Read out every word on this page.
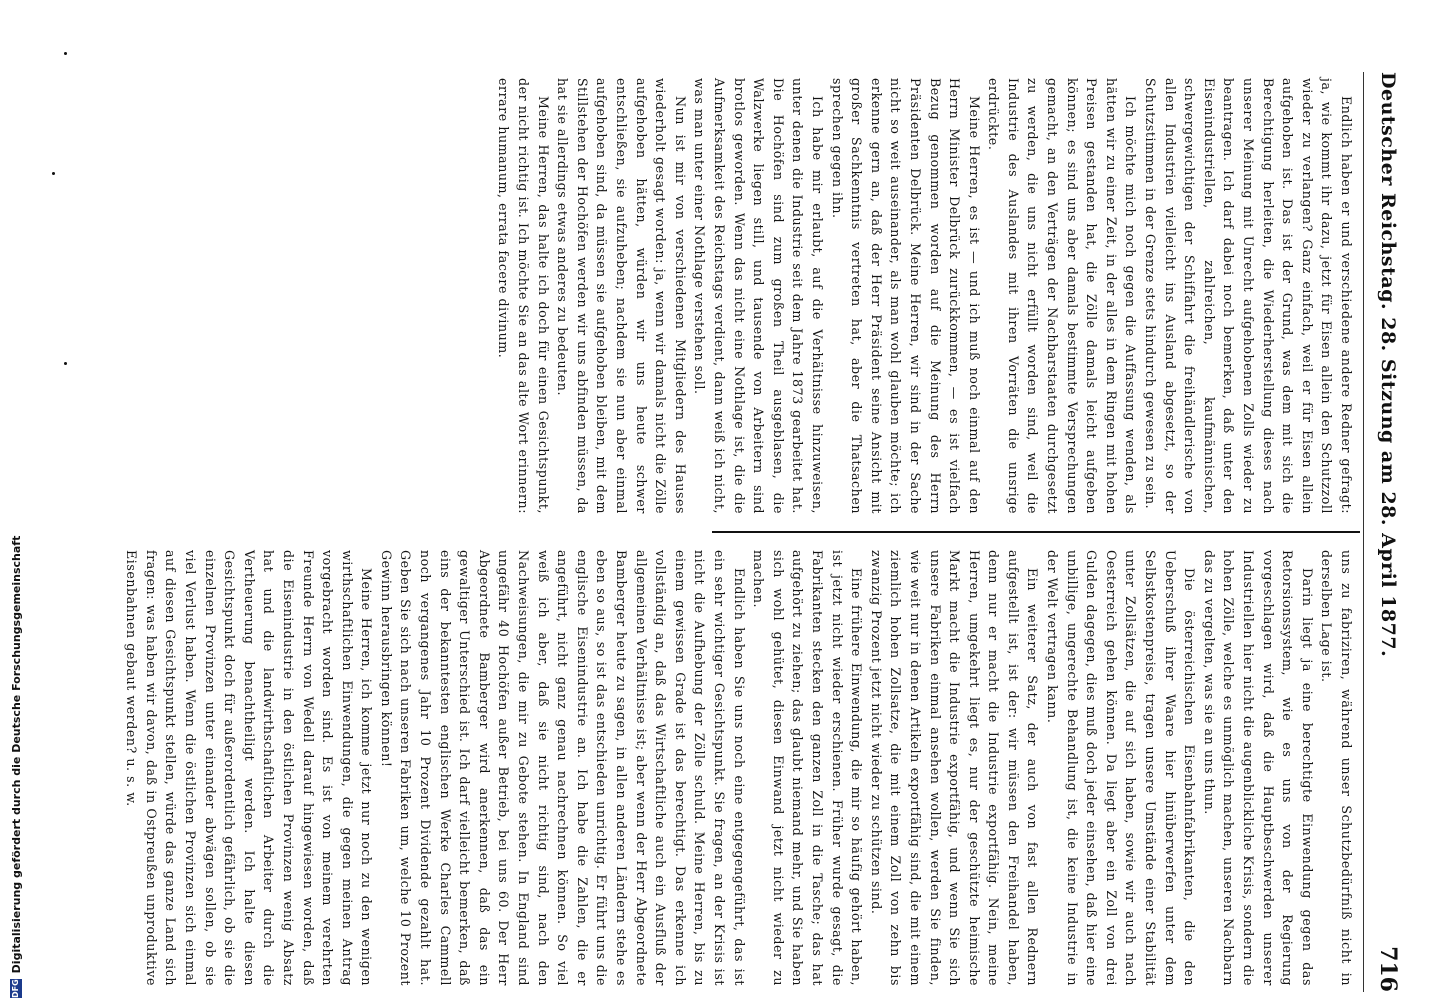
Deutscher Reichstag. 28. Sitzung am 28. April 1877.
716

Endlich haben er und verschiedene andere Redner gefragt: ja, wie kommt ihr dazu, jetzt für Eisen allein den Schutzzoll wieder zu verlangen? Ganz einfach, weil er für Eisen allein aufgehoben ist. Das ist der Grund, was dem mit sich die Berechtigung herleiten, die Wiederherstellung dieses nach unserer Meinung mit Unrecht aufgehobenen Zolls wieder zu beantragen. Ich darf dabei noch bemerken, daß unter den Eisenindustriellen, zahlreichen, kaufmännischen, schwergewichtigen der Schiffahrt die freihändlerische von allen Industrien vielleicht ins Ausland abgesetzt, so der Schutzstimmen in der Grenze stets hindurch gewesen zu sein.

Ich möchte mich noch gegen die Auffassung wenden, als hätten wir zu einer Zeit, in der alles in dem Ringen mit hohen Preisen gestanden hat, die Zölle damals leicht aufgeben können; es sind uns aber damals bestimmte Versprechungen gemacht, an den Verträgen der Nachbarstaaten durchgesetzt zu werden, die uns nicht erfüllt worden sind, weil die Industrie des Auslandes mit ihren Vorräten die unsrige erdrückte.

Meine Herren, es ist — und ich muß noch einmal auf den Herrn Minister Delbrück zurückkommen, — es ist vielfach Bezug genommen worden auf die Meinung des Herrn Präsidenten Delbrück. Meine Herren, wir sind in der Sache nicht so weit auseinander, als man wohl glauben möchte; ich erkenne gern an, daß der Herr Präsident seine Ansicht mit großer Sachkenntnis vertreten hat, aber die Thatsachen sprechen gegen ihn.

Ich habe mir erlaubt, auf die Verhältnisse hinzuweisen, unter denen die Industrie seit dem Jahre 1873 gearbeitet hat. Die Hochöfen sind zum großen Theil ausgeblasen, die Walzwerke liegen still, und tausende von Arbeitern sind brotlos geworden. Wenn das nicht eine Nothlage ist, die die Aufmerksamkeit des Reichstags verdient, dann weiß ich nicht, was man unter einer Nothlage verstehen soll.

Nun ist mir von verschiedenen Mitgliedern des Hauses wiederholt gesagt worden: ja, wenn wir damals nicht die Zölle aufgehoben hätten, würden wir uns heute schwer entschließen, sie aufzuheben; nachdem sie nun aber einmal aufgehoben sind, da müssen sie aufgehoben bleiben, mit dem Stillstehen der Hochöfen werden wir uns abfinden müssen, da hat sie allerdings etwas anderes zu bedeuten.

Meine Herren, das halte ich doch für einen Gesichtspunkt, der nicht richtig ist. Ich möchte Sie an das alte Wort erinnern: errare humanum, errata facere divinum.

uns zu fabriziren, während unser Schutzbedürfniß nicht in derselben Lage ist.

Darin liegt ja eine berechtigte Einwendung gegen das Retorsionssystem, wie es uns von der Regierung vorgeschlagen wird, daß die Hauptbeschwerden unserer Industriellen hier nicht die augenblickliche Krisis, sondern die hohen Zölle, welche es unmöglich machen, unseren Nachbarn das zu vergelten, was sie an uns thun.

Die österreichischen Eisenbahnfabrikanten, die den Ueberschuß ihrer Waare hier hinüberwerfen unter dem Selbstkostenpreise, tragen unsere Umstände einer Stabilität unter Zollsätzen, die auf sich haben, sowie wir auch nach Oesterreich gehen können. Da liegt aber ein Zoll von drei Gulden dagegen, dies muß doch jeder einsehen, daß hier eine unbillige, ungerechte Behandlung ist, die keine Industrie in der Welt vertragen kann.

Ein weiterer Satz, der auch von fast allen Rednern aufgestellt ist, ist der: wir müssen den Freihandel haben, denn nur er macht die Industrie exportfähig. Nein, meine Herren, umgekehrt liegt es, nur der geschützte heimische Markt macht die Industrie exportfähig, und wenn Sie sich unsere Fabriken einmal ansehen wollen, werden Sie finden, wie weit nur in denen Artikeln exportfähig sind, die mit einem ziemlich hohen Zollsatze, die mit einem Zoll von zehn bis zwanzig Prozent jetzt nicht wieder zu schützen sind.

Eine frühere Einwendung, die mir so häufig gehört haben, ist jetzt nicht wieder erschienen. Früher wurde gesagt, die Fabrikanten stecken den ganzen Zoll in die Tasche; das hat aufgehört zu ziehen; das glaubt niemand mehr, und Sie haben sich wohl gehütet, diesen Einwand jetzt nicht wieder zu machen.

Endlich haben Sie uns noch eine entgegengeführt, das ist ein sehr wichtiger Gesichtspunkt. Sie fragen, an der Krisis ist nicht die Aufhebung der Zölle schuld. Meine Herren, bis zu einem gewissen Grade ist das berechtigt. Das erkenne ich vollständig an, daß das Wirtschaftliche auch ein Ausfluß der allgemeinen Verhältnisse ist; aber wenn der Herr Abgeordnete Bamberger heute zu sagen, in allen anderen Ländern stehe es eben so aus, so ist das entschieden unrichtig. Er führt uns die englische Eisenindustrie an. Ich habe die Zahlen, die er angeführt, nicht ganz genau nachrechnen können. So viel weiß ich aber, daß sie nicht richtig sind, nach den Nachweisungen, die mir zu Gebote stehen. In England sind ungefähr 40 Hochöfen außer Betrieb, bei uns 60. Der Herr Abgeordnete Bamberger wird anerkennen, daß das ein gewaltiger Unterschied ist. Ich darf vielleicht bemerken, daß eins der bekanntesten englischen Werke Charles Cammell noch vergangenes Jahr 10 Prozent Dividende gezahlt hat. Geben Sie sich nach unseren Fabriken um, welche 10 Prozent Gewinn herausbringen können!

Meine Herren, ich komme jetzt nur noch zu den wenigen wirthschaftlichen Einwendungen, die gegen meinen Antrag vorgebracht worden sind. Es ist von meinem verehrten Freunde Herrn von Wedell darauf hingewiesen worden, daß die Eisenindustrie in den östlichen Provinzen wenig Absatz hat und die landwirthschaftlichen Arbeiter durch die Vertheuerung benachtheiligt werden. Ich halte diesen Gesichtspunkt doch für außerordentlich gefährlich, ob sie die einzelnen Provinzen unter einander abwägen sollen, ob sie viel Verlust haben. Wenn die östlichen Provinzen sich einmal auf diesen Gesichtspunkt stellen, würde das ganze Land sich fragen: was haben wir davon, daß in Ostpreußen unproduktive Eisenbahnen gebaut werden? u. s. w.

DFG
Digitalisierung gefördert durch die Deutsche Forschungsgemeinschaft
